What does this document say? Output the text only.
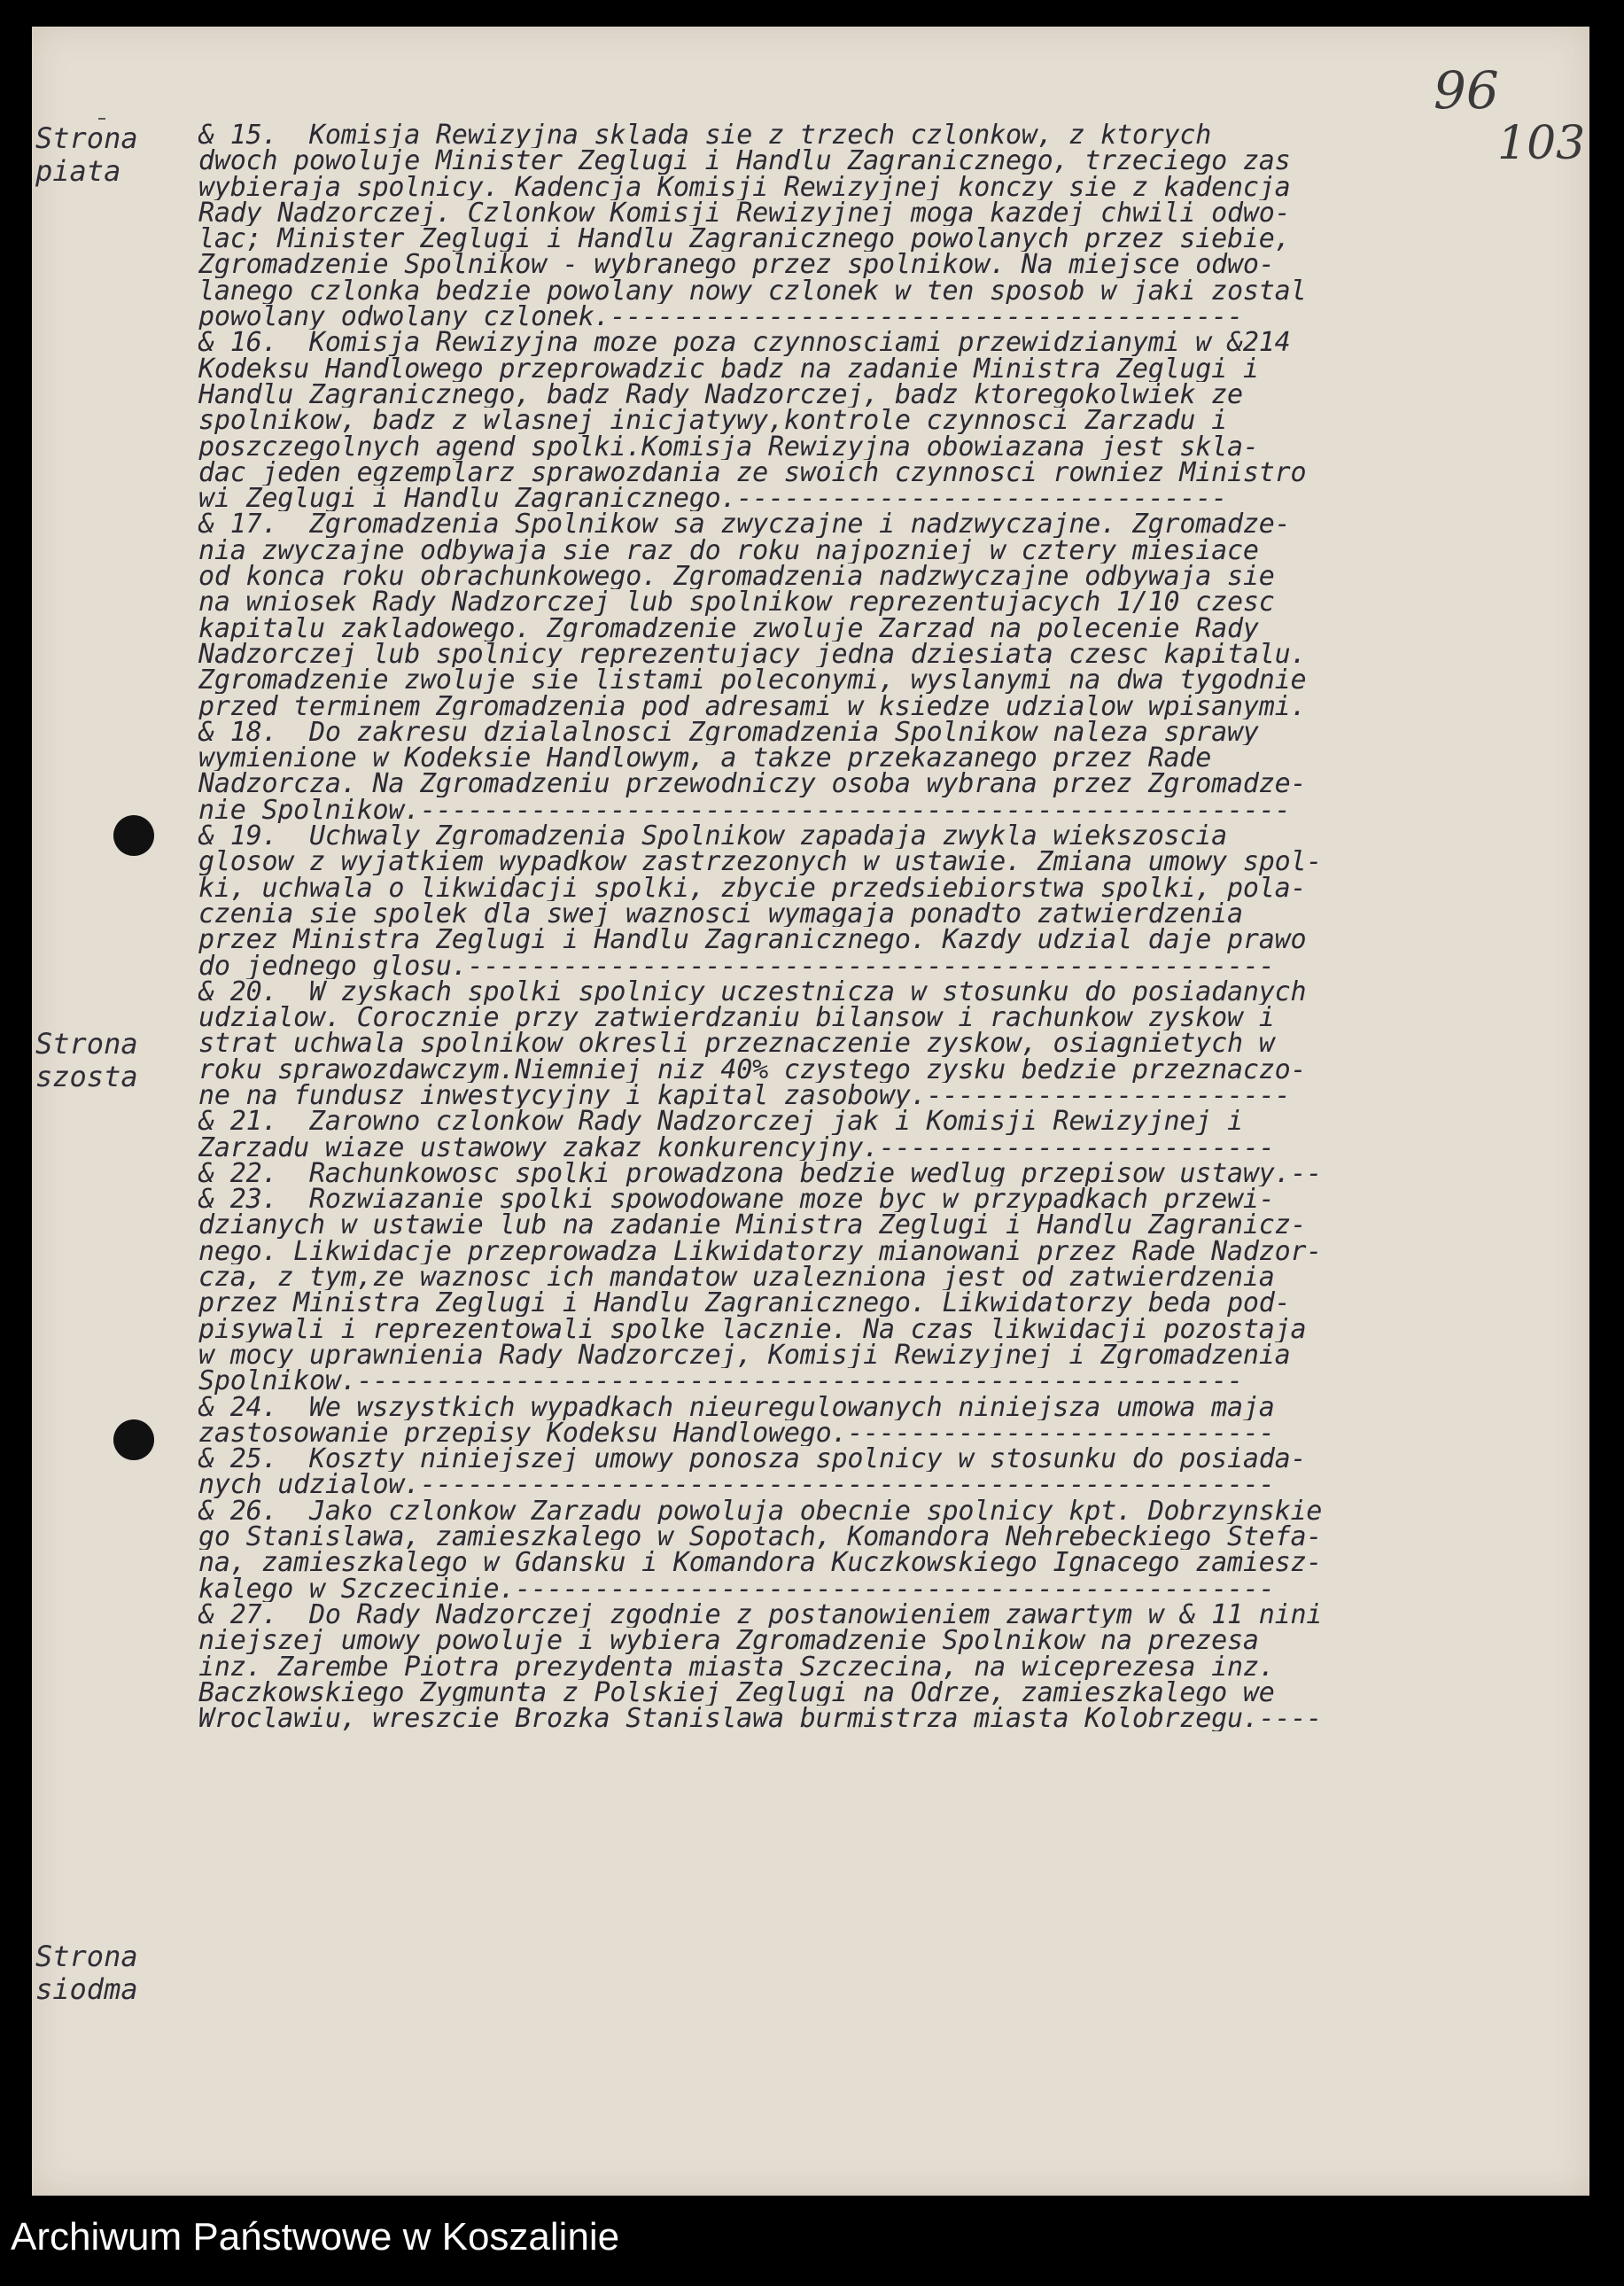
96
103
Strona
piata
Strona
szosta
Strona
siodma
& 15.  Komisja Rewizyjna sklada sie z trzech czlonkow, z ktorych
dwoch powoluje Minister Zeglugi i Handlu Zagranicznego, trzeciego zas
wybieraja spolnicy. Kadencja Komisji Rewizyjnej konczy sie z kadencja
Rady Nadzorczej. Czlonkow Komisji Rewizyjnej moga kazdej chwili odwo-
lac; Minister Zeglugi i Handlu Zagranicznego powolanych przez siebie,
Zgromadzenie Spolnikow - wybranego przez spolnikow. Na miejsce odwo-
lanego czlonka bedzie powolany nowy czlonek w ten sposob w jaki zostal
powolany odwolany czlonek.----------------------------------------
& 16.  Komisja Rewizyjna moze poza czynnosciami przewidzianymi w &214
Kodeksu Handlowego przeprowadzic badz na zadanie Ministra Zeglugi i
Handlu Zagranicznego, badz Rady Nadzorczej, badz ktoregokolwiek ze
spolnikow, badz z wlasnej inicjatywy,kontrole czynnosci Zarzadu i
poszczegolnych agend spolki.Komisja Rewizyjna obowiazana jest skla-
dac jeden egzemplarz sprawozdania ze swoich czynnosci rowniez Ministro
wi Zeglugi i Handlu Zagranicznego.-------------------------------
& 17.  Zgromadzenia Spolnikow sa zwyczajne i nadzwyczajne. Zgromadze-
nia zwyczajne odbywaja sie raz do roku najpozniej w cztery miesiace
od konca roku obrachunkowego. Zgromadzenia nadzwyczajne odbywaja sie
na wniosek Rady Nadzorczej lub spolnikow reprezentujacych 1/10 czesc
kapitalu zakladowego. Zgromadzenie zwoluje Zarzad na polecenie Rady
Nadzorczej lub spolnicy reprezentujacy jedna dziesiata czesc kapitalu.
Zgromadzenie zwoluje sie listami poleconymi, wyslanymi na dwa tygodnie
przed terminem Zgromadzenia pod adresami w ksiedze udzialow wpisanymi.
& 18.  Do zakresu dzialalnosci Zgromadzenia Spolnikow naleza sprawy
wymienione w Kodeksie Handlowym, a takze przekazanego przez Rade
Nadzorcza. Na Zgromadzeniu przewodniczy osoba wybrana przez Zgromadze-
nie Spolnikow.-------------------------------------------------------
& 19.  Uchwaly Zgromadzenia Spolnikow zapadaja zwykla wiekszoscia
glosow z wyjatkiem wypadkow zastrzezonych w ustawie. Zmiana umowy spol-
ki, uchwala o likwidacji spolki, zbycie przedsiebiorstwa spolki, pola-
czenia sie spolek dla swej waznosci wymagaja ponadto zatwierdzenia
przez Ministra Zeglugi i Handlu Zagranicznego. Kazdy udzial daje prawo
do jednego glosu.---------------------------------------------------
& 20.  W zyskach spolki spolnicy uczestnicza w stosunku do posiadanych
udzialow. Corocznie przy zatwierdzaniu bilansow i rachunkow zyskow i
strat uchwala spolnikow okresli przeznaczenie zyskow, osiagnietych w
roku sprawozdawczym.Niemniej niz 40% czystego zysku bedzie przeznaczo-
ne na fundusz inwestycyjny i kapital zasobowy.-----------------------
& 21.  Zarowno czlonkow Rady Nadzorczej jak i Komisji Rewizyjnej i
Zarzadu wiaze ustawowy zakaz konkurencyjny.-------------------------
& 22.  Rachunkowosc spolki prowadzona bedzie wedlug przepisow ustawy.--
& 23.  Rozwiazanie spolki spowodowane moze byc w przypadkach przewi-
dzianych w ustawie lub na zadanie Ministra Zeglugi i Handlu Zagranicz-
nego. Likwidacje przeprowadza Likwidatorzy mianowani przez Rade Nadzor-
cza, z tym,ze waznosc ich mandatow uzalezniona jest od zatwierdzenia
przez Ministra Zeglugi i Handlu Zagranicznego. Likwidatorzy beda pod-
pisywali i reprezentowali spolke lacznie. Na czas likwidacji pozostaja
w mocy uprawnienia Rady Nadzorczej, Komisji Rewizyjnej i Zgromadzenia
Spolnikow.--------------------------------------------------------
& 24.  We wszystkich wypadkach nieuregulowanych niniejsza umowa maja
zastosowanie przepisy Kodeksu Handlowego.---------------------------
& 25.  Koszty niniejszej umowy ponosza spolnicy w stosunku do posiada-
nych udzialow.------------------------------------------------------
& 26.  Jako czlonkow Zarzadu powoluja obecnie spolnicy kpt. Dobrzynskie
go Stanislawa, zamieszkalego w Sopotach, Komandora Nehrebeckiego Stefa-
na, zamieszkalego w Gdansku i Komandora Kuczkowskiego Ignacego zamiesz-
kalego w Szczecinie.------------------------------------------------
& 27.  Do Rady Nadzorczej zgodnie z postanowieniem zawartym w & 11 nini
niejszej umowy powoluje i wybiera Zgromadzenie Spolnikow na prezesa
inz. Zarembe Piotra prezydenta miasta Szczecina, na wiceprezesa inz.
Baczkowskiego Zygmunta z Polskiej Zeglugi na Odrze, zamieszkalego we
Wroclawiu, wreszcie Brozka Stanislawa burmistrza miasta Kolobrzegu.----
Archiwum Państwowe w Koszalinie
